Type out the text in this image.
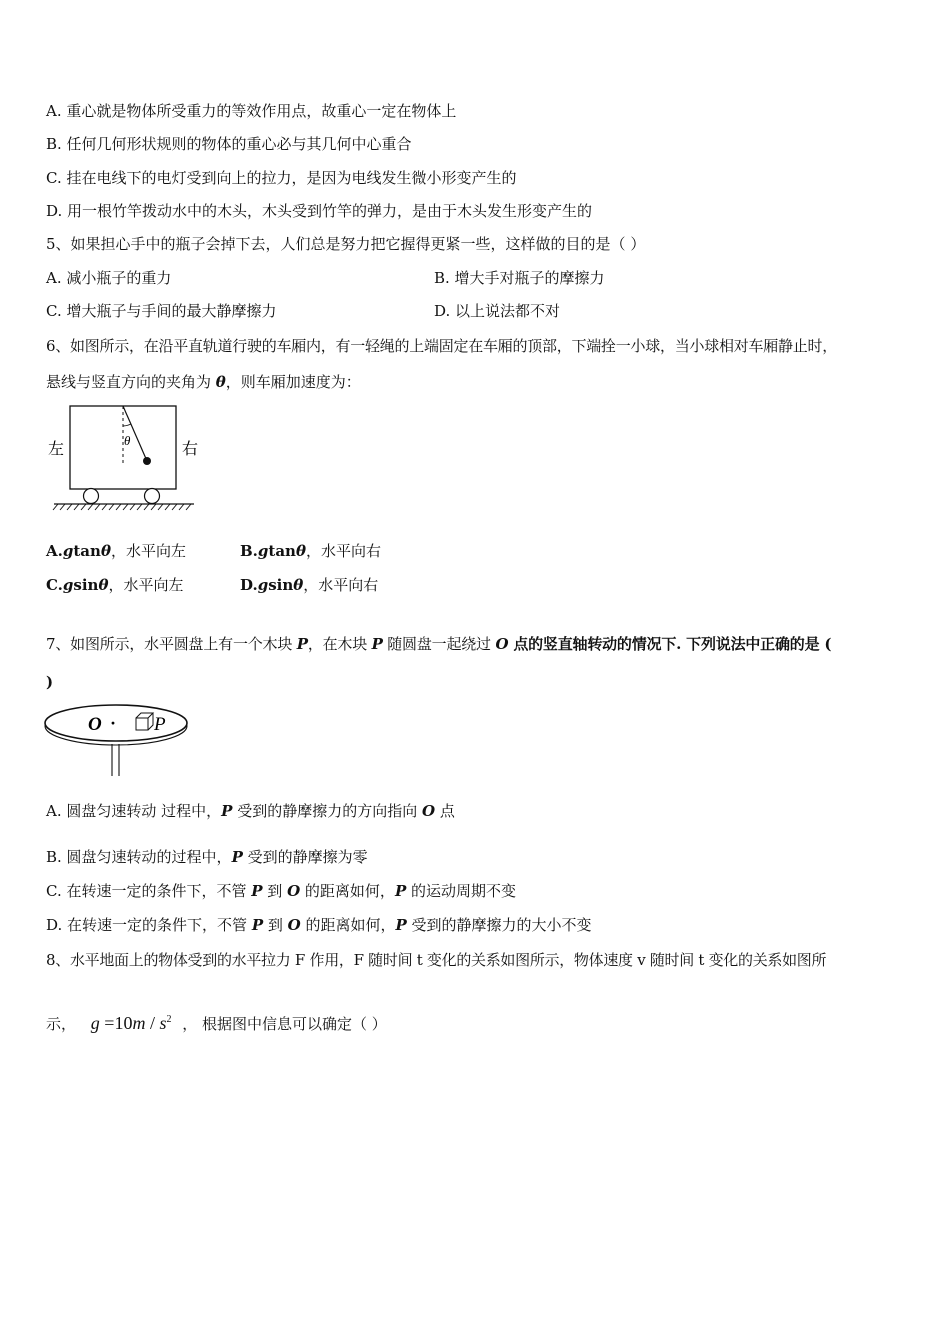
A. 重心就是物体所受重力的等效作用点，故重心一定在物体上
B. 任何几何形状规则的物体的重心必与其几何中心重合
C. 挂在电线下的电灯受到向上的拉力，是因为电线发生微小形变产生的
D. 用一根竹竿拨动水中的木头，木头受到竹竿的弹力，是由于木头发生形变产生的
5、如果担心手中的瓶子会掉下去，人们总是努力把它握得更紧一些，这样做的目的是（ ）
A. 减小瓶子的重力	B. 增大手对瓶子的摩擦力
C. 增大瓶子与手间的最大静摩擦力	D. 以上说法都不对
6、如图所示，在沿平直轨道行驶的车厢内，有一轻绳的上端固定在车厢的顶部，下端拴一小球，当小球相对车厢静止时，
悬线与竖直方向的夹角为 θ，则车厢加速度为：
θ
左	右
A.gtanθ，水平向左	B.gtanθ，水平向右
C.gsinθ，水平向左	D.gsinθ，水平向右
7、如图所示，水平圆盘上有一个木块 P，在木块 P 随圆盘一起绕过 O 点的竖直轴转动的情况下. 下列说法中正确的是 (
)
O · P
A. 圆盘匀速转动 过程中，P 受到的静摩擦力的方向指向 O 点
B. 圆盘匀速转动的过程中，P 受到的静摩擦为零
C. 在转速一定的条件下，不管 P 到 O 的距离如何，P 的运动周期不变
D. 在转速一定的条件下，不管 P 到 O 的距离如何，P 受到的静摩擦力的大小不变
8、水平地面上的物体受到的水平拉力 F 作用，F 随时间 t 变化的关系如图所示，物体速度 v 随时间 t 变化的关系如图所
示， $g =10m / s^2$ ， 根据图中信息可以确定（ ）
